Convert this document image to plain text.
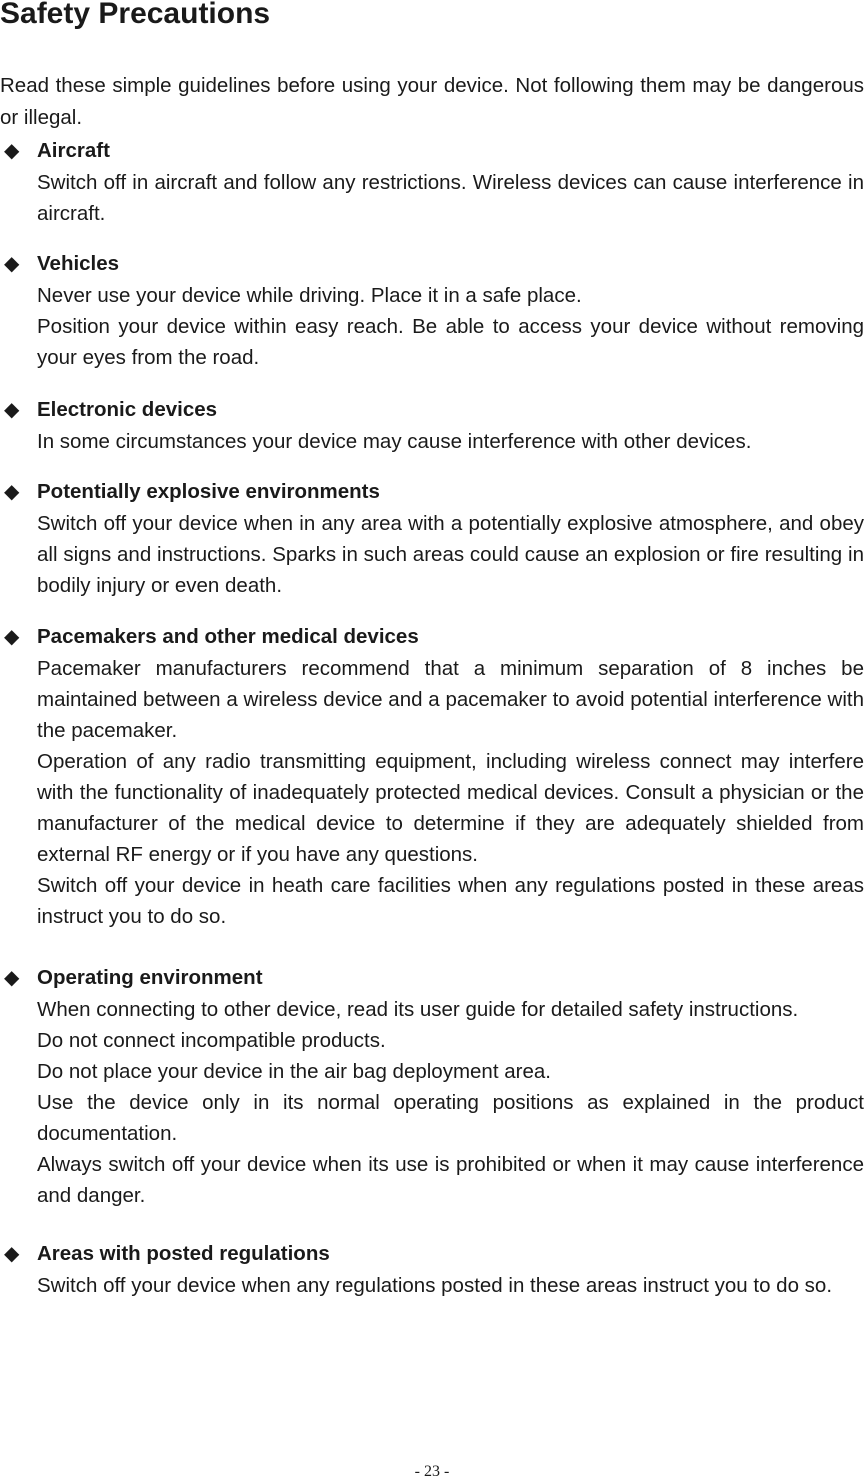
Safety Precautions

Read these simple guidelines before using your device. Not following them may be dangerous or illegal.

◆ Aircraft

Switch off in aircraft and follow any restrictions. Wireless devices can cause interference in aircraft.

◆ Vehicles

Never use your device while driving. Place it in a safe place.

Position your device within easy reach. Be able to access your device without removing your eyes from the road.

◆ Electronic devices

In some circumstances your device may cause interference with other devices.

◆ Potentially explosive environments

Switch off your device when in any area with a potentially explosive atmosphere, and obey all signs and instructions. Sparks in such areas could cause an explosion or fire resulting in bodily injury or even death.

◆ Pacemakers and other medical devices

Pacemaker manufacturers recommend that a minimum separation of 8 inches be maintained between a wireless device and a pacemaker to avoid potential interference with the pacemaker.

Operation of any radio transmitting equipment, including wireless connect may interfere with the functionality of inadequately protected medical devices. Consult a physician or the manufacturer of the medical device to determine if they are adequately shielded from external RF energy or if you have any questions.

Switch off your device in heath care facilities when any regulations posted in these areas instruct you to do so.

◆ Operating environment

When connecting to other device, read its user guide for detailed safety instructions.

Do not connect incompatible products.

Do not place your device in the air bag deployment area.

Use the device only in its normal operating positions as explained in the product documentation.

Always switch off your device when its use is prohibited or when it may cause interference and danger.

◆ Areas with posted regulations

Switch off your device when any regulations posted in these areas instruct you to do so.

- 23 -
